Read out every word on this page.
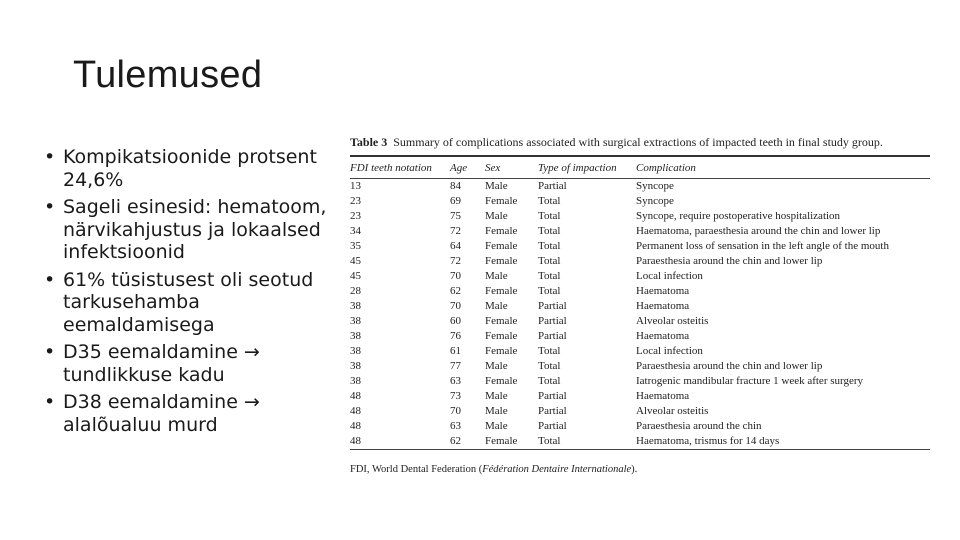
Tulemused
• Kompikatsioonide protsent 24,6%
• Sageli esinesid: hematoom, närvikahjustus ja lokaalsed infektsioonid
• 61% tüsistusest oli seotud tarkusehamba eemaldamisega
• D35 eemaldamine → tundlikkuse kadu
• D38 eemaldamine → alalõualuu murd
Table 3 Summary of complications associated with surgical extractions of impacted teeth in final study group.
FDI teeth notation	Age	Sex	Type of impaction	Complication
13	84	Male	Partial	Syncope
23	69	Female	Total	Syncope
23	75	Male	Total	Syncope, require postoperative hospitalization
34	72	Female	Total	Haematoma, paraesthesia around the chin and lower lip
35	64	Female	Total	Permanent loss of sensation in the left angle of the mouth
45	72	Female	Total	Paraesthesia around the chin and lower lip
45	70	Male	Total	Local infection
28	62	Female	Total	Haematoma
38	70	Male	Partial	Haematoma
38	60	Female	Partial	Alveolar osteitis
38	76	Female	Partial	Haematoma
38	61	Female	Total	Local infection
38	77	Male	Total	Paraesthesia around the chin and lower lip
38	63	Female	Total	Iatrogenic mandibular fracture 1 week after surgery
48	73	Male	Partial	Haematoma
48	70	Male	Partial	Alveolar osteitis
48	63	Male	Partial	Paraesthesia around the chin
48	62	Female	Total	Haematoma, trismus for 14 days
FDI, World Dental Federation (Fédération Dentaire Internationale).
